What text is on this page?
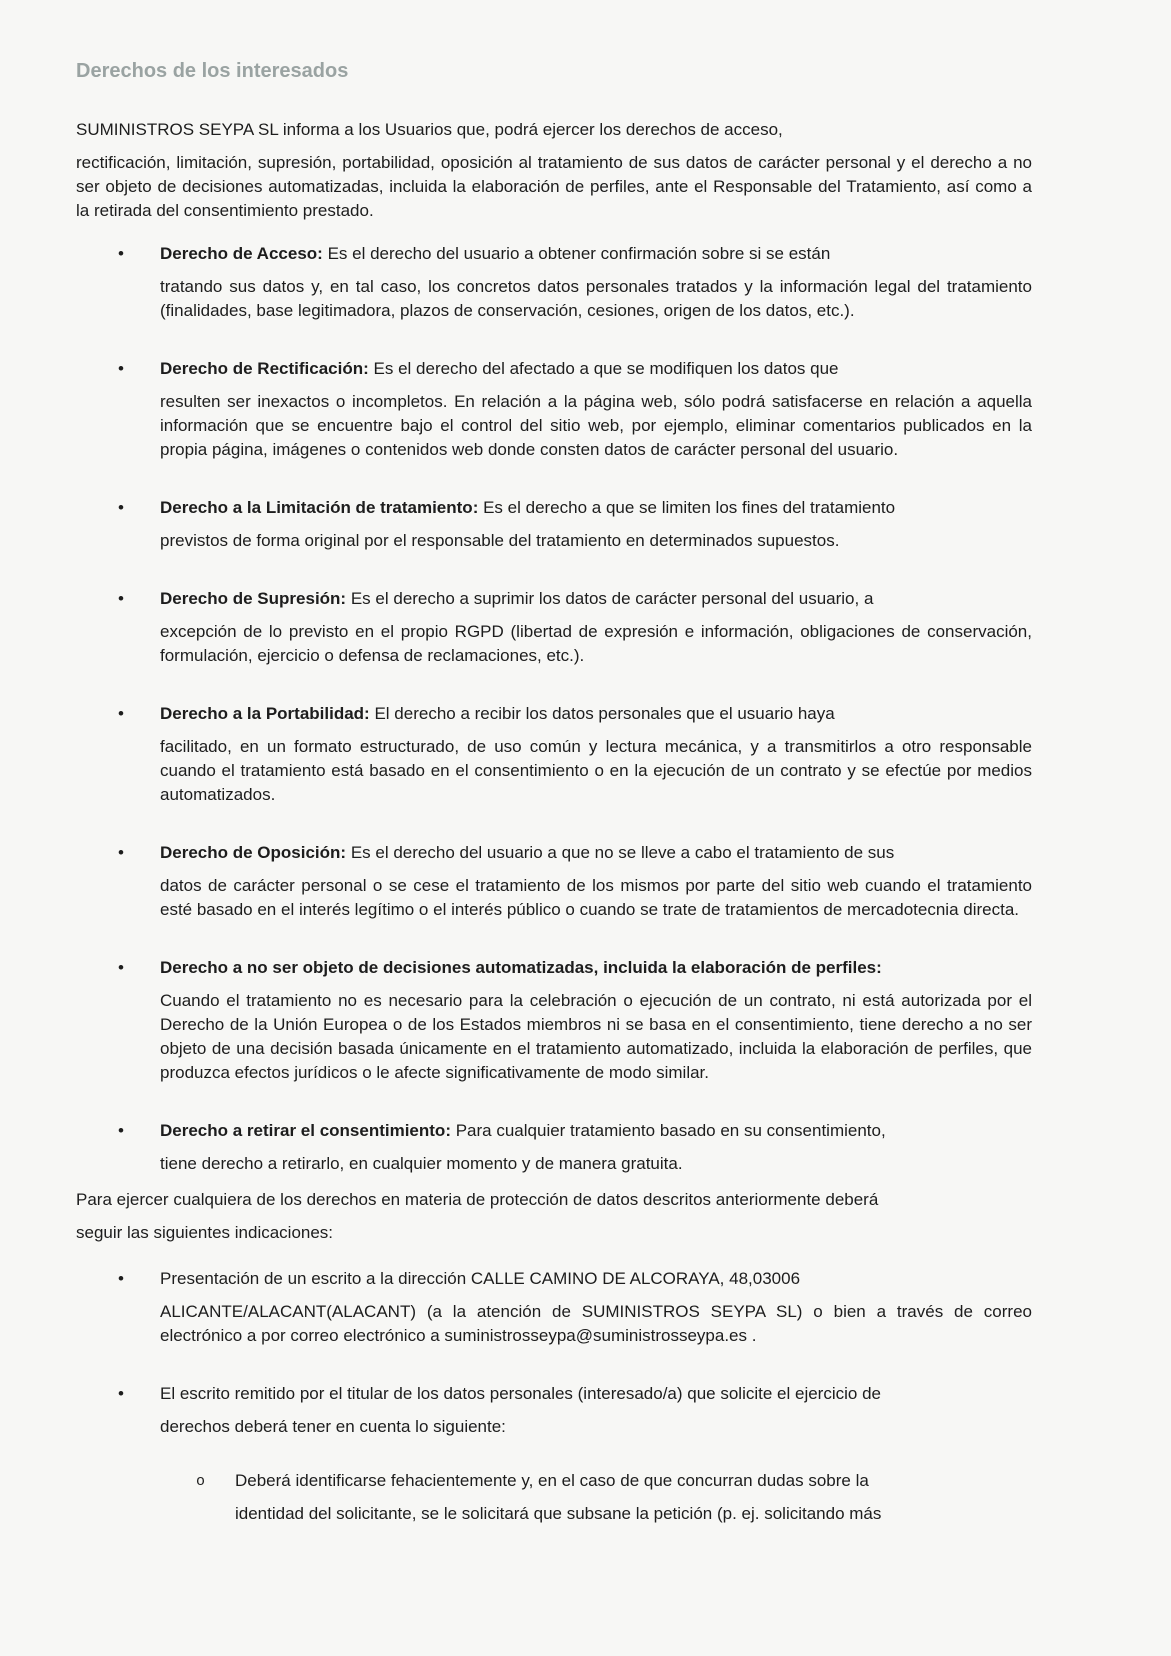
Derechos de los interesados

SUMINISTROS SEYPA SL informa a los Usuarios que, podrá ejercer los derechos de acceso,

rectificación, limitación, supresión, portabilidad, oposición al tratamiento de sus datos de carácter personal y el derecho a no ser objeto de decisiones automatizadas, incluida la elaboración de perfiles, ante el Responsable del Tratamiento, así como a la retirada del consentimiento prestado.

• Derecho de Acceso: Es el derecho del usuario a obtener confirmación sobre si se están

tratando sus datos y, en tal caso, los concretos datos personales tratados y la información legal del tratamiento (finalidades, base legitimadora, plazos de conservación, cesiones, origen de los datos, etc.).

• Derecho de Rectificación: Es el derecho del afectado a que se modifiquen los datos que

resulten ser inexactos o incompletos. En relación a la página web, sólo podrá satisfacerse en relación a aquella información que se encuentre bajo el control del sitio web, por ejemplo, eliminar comentarios publicados en la propia página, imágenes o contenidos web donde consten datos de carácter personal del usuario.

• Derecho a la Limitación de tratamiento: Es el derecho a que se limiten los fines del tratamiento

previstos de forma original por el responsable del tratamiento en determinados supuestos.

• Derecho de Supresión: Es el derecho a suprimir los datos de carácter personal del usuario, a

excepción de lo previsto en el propio RGPD (libertad de expresión e información, obligaciones de conservación, formulación, ejercicio o defensa de reclamaciones, etc.).

• Derecho a la Portabilidad: El derecho a recibir los datos personales que el usuario haya

facilitado, en un formato estructurado, de uso común y lectura mecánica, y a transmitirlos a otro responsable cuando el tratamiento está basado en el consentimiento o en la ejecución de un contrato y se efectúe por medios automatizados.

• Derecho de Oposición: Es el derecho del usuario a que no se lleve a cabo el tratamiento de sus

datos de carácter personal o se cese el tratamiento de los mismos por parte del sitio web cuando el tratamiento esté basado en el interés legítimo o el interés público o cuando se trate de tratamientos de mercadotecnia directa.

• Derecho a no ser objeto de decisiones automatizadas, incluida la elaboración de perfiles:

Cuando el tratamiento no es necesario para la celebración o ejecución de un contrato, ni está autorizada por el Derecho de la Unión Europea o de los Estados miembros ni se basa en el consentimiento, tiene derecho a no ser objeto de una decisión basada únicamente en el tratamiento automatizado, incluida la elaboración de perfiles, que produzca efectos jurídicos o le afecte significativamente de modo similar.

• Derecho a retirar el consentimiento: Para cualquier tratamiento basado en su consentimiento,

tiene derecho a retirarlo, en cualquier momento y de manera gratuita.

Para ejercer cualquiera de los derechos en materia de protección de datos descritos anteriormente deberá

seguir las siguientes indicaciones:

• Presentación de un escrito a la dirección CALLE CAMINO DE ALCORAYA, 48,03006

ALICANTE/ALACANT(ALACANT) (a la atención de SUMINISTROS SEYPA SL) o bien a través de correo electrónico a por correo electrónico a suministrosseypa@suministrosseypa.es .

• El escrito remitido por el titular de los datos personales (interesado/a) que solicite el ejercicio de

derechos deberá tener en cuenta lo siguiente:

o Deberá identificarse fehacientemente y, en el caso de que concurran dudas sobre la

identidad del solicitante, se le solicitará que subsane la petición (p. ej. solicitando más
